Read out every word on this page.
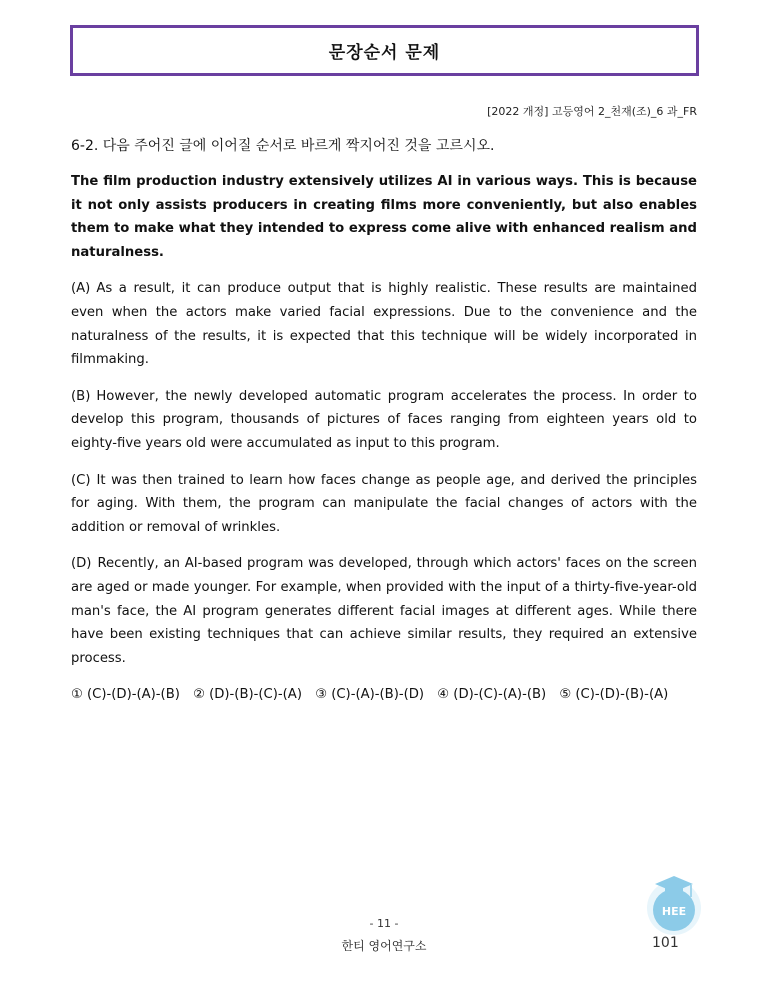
문장순서 문제
[2022 개정] 고등영어 2_천재(조)_6 과_FR
6-2. 다음 주어진 글에 이어질 순서로 바르게 짝지어진 것을 고르시오.

The film production industry extensively utilizes AI in various ways. This is because it not only assists producers in creating films more conveniently, but also enables them to make what they intended to express come alive with enhanced realism and naturalness.

(A) As a result, it can produce output that is highly realistic. These results are maintained even when the actors make varied facial expressions. Due to the convenience and the naturalness of the results, it is expected that this technique will be widely incorporated in filmmaking.

(B) However, the newly developed automatic program accelerates the process. In order to develop this program, thousands of pictures of faces ranging from eighteen years old to eighty-five years old were accumulated as input to this program.

(C) It was then trained to learn how faces change as people age, and derived the principles for aging. With them, the program can manipulate the facial changes of actors with the addition or removal of wrinkles.

(D) Recently, an AI-based program was developed, through which actors' faces on the screen are aged or made younger. For example, when provided with the input of a thirty-five-year-old man's face, the AI program generates different facial images at different ages. While there have been existing techniques that can achieve similar results, they required an extensive process.

① (C)-(D)-(A)-(B) ② (D)-(B)-(C)-(A) ③ (C)-(A)-(B)-(D) ④ (D)-(C)-(A)-(B) ⑤ (C)-(D)-(B)-(A)
- 11 -
한티 영어연구소
HEE
101
